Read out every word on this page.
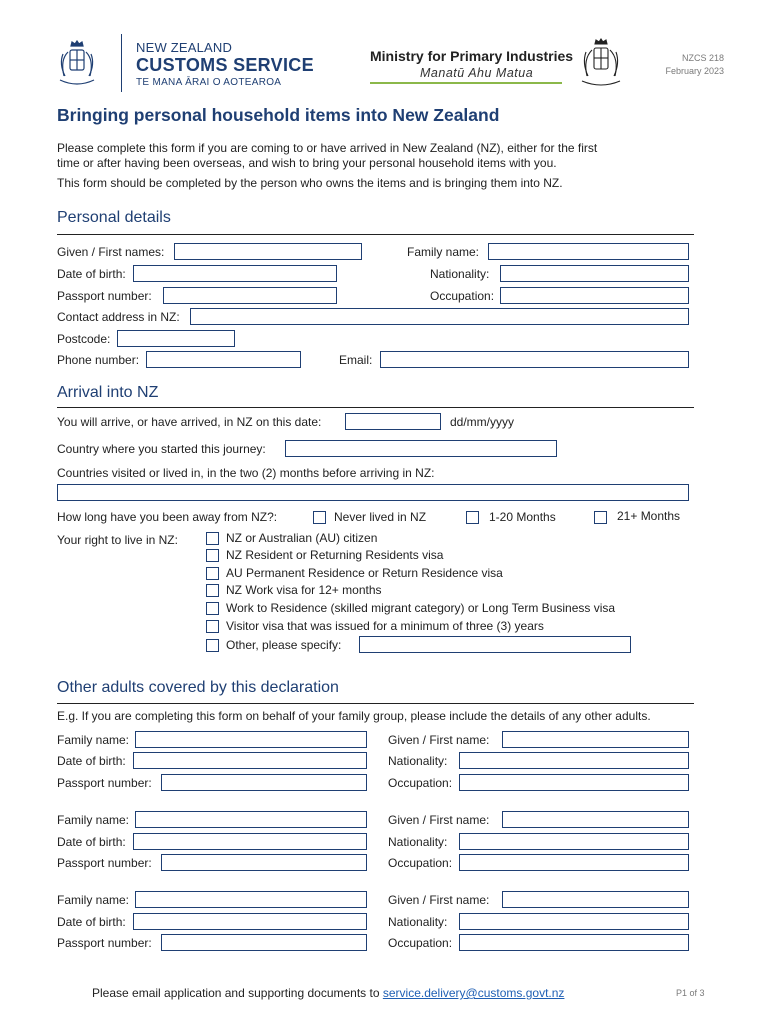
NEW ZEALAND
CUSTOMS SERVICE
TE MANA ĀRAI O AOTEAROA
Ministry for Primary Industries
Manatū Ahu Matua
NZCS 218
February 2023
Bringing personal household items into New Zealand
Please complete this form if you are coming to or have arrived in New Zealand (NZ), either for the first
time or after having been overseas, and wish to bring your personal household items with you.
This form should be completed by the person who owns the items and is bringing them into NZ.
Personal details
Given / First names:	Family name:
Date of birth:	Nationality:
Passport number:	Occupation:
Contact address in NZ:
Postcode:
Phone number:	Email:
Arrival into NZ
You will arrive, or have arrived, in NZ on this date:	dd/mm/yyyy
Country where you started this journey:
Countries visited or lived in, in the two (2) months before arriving in NZ:
How long have you been away from NZ?:	Never lived in NZ	1-20 Months	21+ Months
Your right to live in NZ:	NZ or Australian (AU) citizen
NZ Resident or Returning Residents visa
AU Permanent Residence or Return Residence visa
NZ Work visa for 12+ months
Work to Residence (skilled migrant category) or Long Term Business visa
Visitor visa that was issued for a minimum of three (3) years
Other, please specify:
Other adults covered by this declaration
E.g. If you are completing this form on behalf of your family group, please include the details of any other adults.
Family name:	Given / First name:
Date of birth:	Nationality:
Passport number:	Occupation:
Family name:	Given / First name:
Date of birth:	Nationality:
Passport number:	Occupation:
Family name:	Given / First name:
Date of birth:	Nationality:
Passport number:	Occupation:
Please email application and supporting documents to service.delivery@customs.govt.nz	P1 of 3
